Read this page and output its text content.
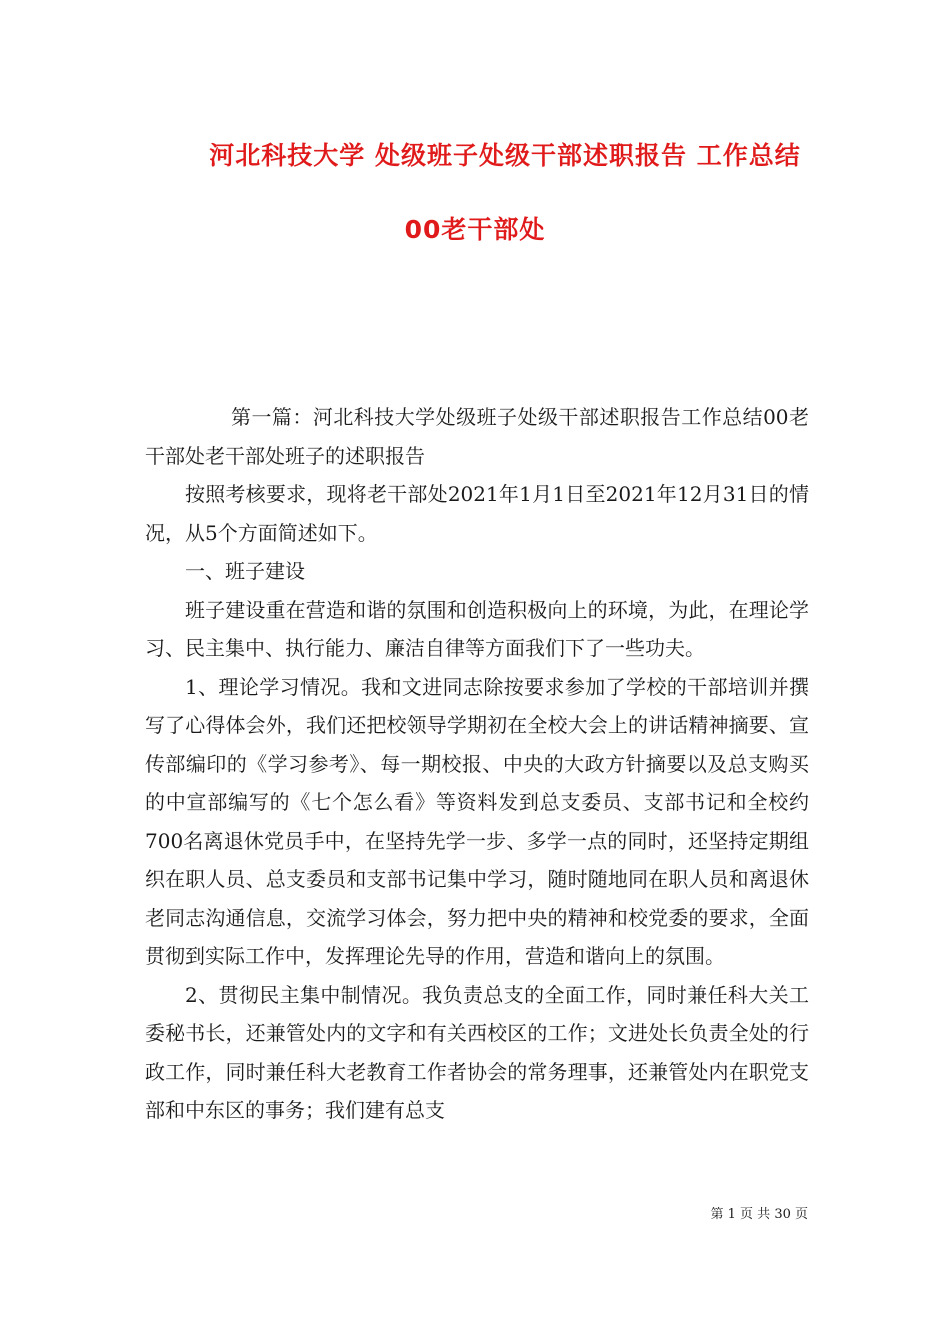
河北科技大学 处级班子处级干部述职报告 工作总结
00老干部处

第一篇：河北科技大学处级班子处级干部述职报告工作总结00老干部处老干部处班子的述职报告

按照考核要求，现将老干部处2021年1月1日至2021年12月31日的情况，从5个方面简述如下。

一、班子建设

班子建设重在营造和谐的氛围和创造积极向上的环境，为此，在理论学习、民主集中、执行能力、廉洁自律等方面我们下了一些功夫。

1、理论学习情况。我和文进同志除按要求参加了学校的干部培训并撰写了心得体会外，我们还把校领导学期初在全校大会上的讲话精神摘要、宣传部编印的《学习参考》、每一期校报、中央的大政方针摘要以及总支购买的中宣部编写的《七个怎么看》等资料发到总支委员、支部书记和全校约700名离退休党员手中，在坚持先学一步、多学一点的同时，还坚持定期组织在职人员、总支委员和支部书记集中学习，随时随地同在职人员和离退休老同志沟通信息，交流学习体会，努力把中央的精神和校党委的要求，全面贯彻到实际工作中，发挥理论先导的作用，营造和谐向上的氛围。

2、贯彻民主集中制情况。我负责总支的全面工作，同时兼任科大关工委秘书长，还兼管处内的文字和有关西校区的工作；文进处长负责全处的行政工作，同时兼任科大老教育工作者协会的常务理事，还兼管处内在职党支部和中东区的事务；我们建有总支

第 1 页 共 30 页
